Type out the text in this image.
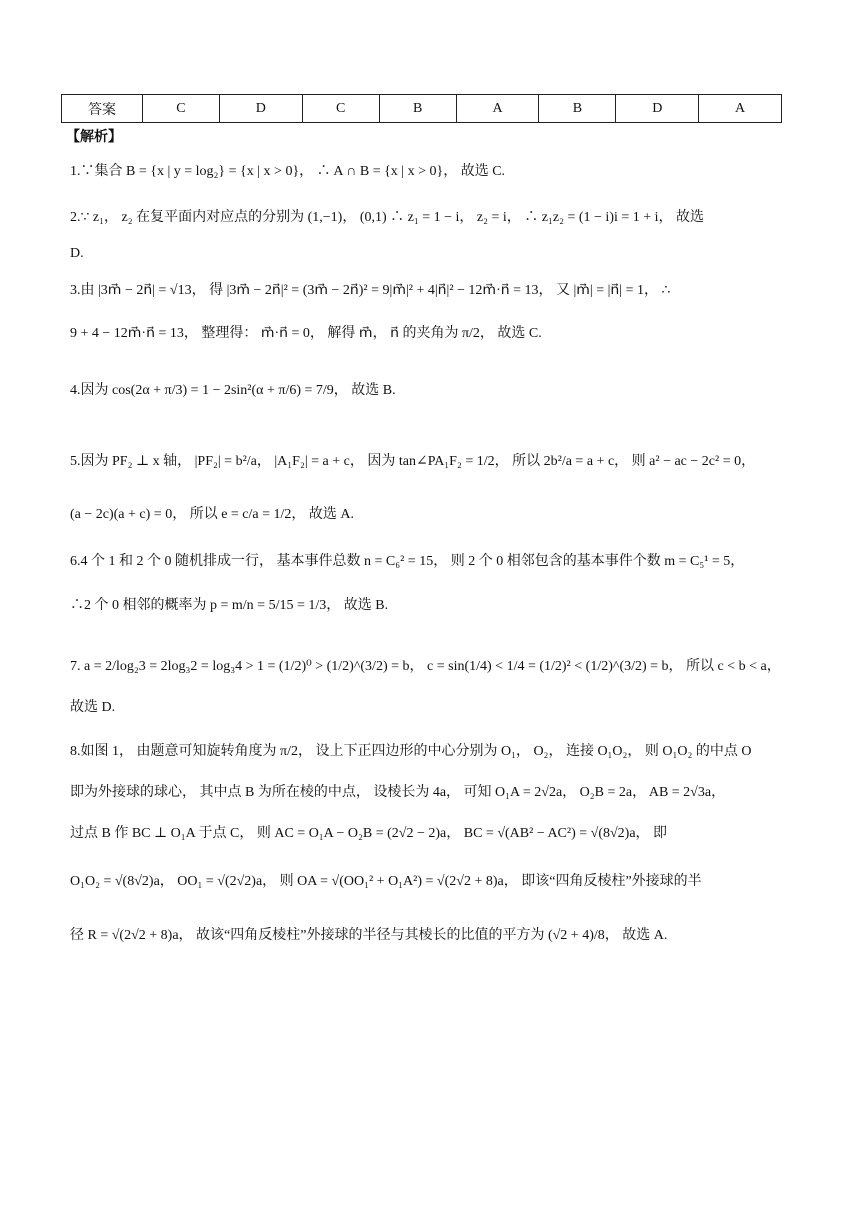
答案	C	D	C	B	A	B	D	A
【解析】
1.∵集合 B = {x | y = log₂} = {x | x > 0}， ∴ A ∩ B = {x | x > 0}， 故选 C.
2.∵ z₁， z₂ 在复平面内对应点的分别为 (1,−1)， (0,1) ∴ z₁ = 1 − i， z₂ = i， ∴ z₁z₂ = (1 − i)i = 1 + i， 故选
D.
3.由 |3m⃗ − 2n⃗| = √13， 得 |3m⃗ − 2n⃗|² = (3m⃗ − 2n⃗)² = 9|m⃗|² + 4|n⃗|² − 12m⃗·n⃗ = 13， 又 |m⃗| = |n⃗| = 1， ∴
9 + 4 − 12m⃗·n⃗ = 13， 整理得： m⃗·n⃗ = 0， 解得 m⃗， n⃗ 的夹角为 π/2， 故选 C.
4.因为 cos(2α + π/3) = 1 − 2sin²(α + π/6) = 7/9， 故选 B.
5.因为 PF₂ ⊥ x 轴， |PF₂| = b²/a， |A₁F₂| = a + c， 因为 tan∠PA₁F₂ = 1/2， 所以 2b²/a = a + c， 则 a² − ac − 2c² = 0，
(a − 2c)(a + c) = 0， 所以 e = c/a = 1/2， 故选 A.
6.4 个 1 和 2 个 0 随机排成一行， 基本事件总数 n = C₆² = 15， 则 2 个 0 相邻包含的基本事件个数 m = C₅¹ = 5，
∴2 个 0 相邻的概率为 p = m/n = 5/15 = 1/3， 故选 B.
7. a = 2/log₂3 = 2log₃2 = log₃4 > 1 = (1/2)⁰ > (1/2)^(3/2) = b， c = sin(1/4) < 1/4 = (1/2)² < (1/2)^(3/2) = b， 所以 c < b < a，
故选 D.
8.如图 1， 由题意可知旋转角度为 π/2， 设上下正四边形的中心分别为 O₁， O₂， 连接 O₁O₂， 则 O₁O₂ 的中点 O
即为外接球的球心， 其中点 B 为所在棱的中点， 设棱长为 4a， 可知 O₁A = 2√2a， O₂B = 2a， AB = 2√3a，
过点 B 作 BC ⊥ O₁A 于点 C， 则 AC = O₁A − O₂B = (2√2 − 2)a， BC = √(AB² − AC²) = √(8√2)a， 即
O₁O₂ = √(8√2)a， OO₁ = √(2√2)a， 则 OA = √(OO₁² + O₁A²) = √(2√2 + 8)a， 即该“四角反棱柱”外接球的半
径 R = √(2√2 + 8)a， 故该“四角反棱柱”外接球的半径与其棱长的比值的平方为 (√2 + 4)/8， 故选 A.
